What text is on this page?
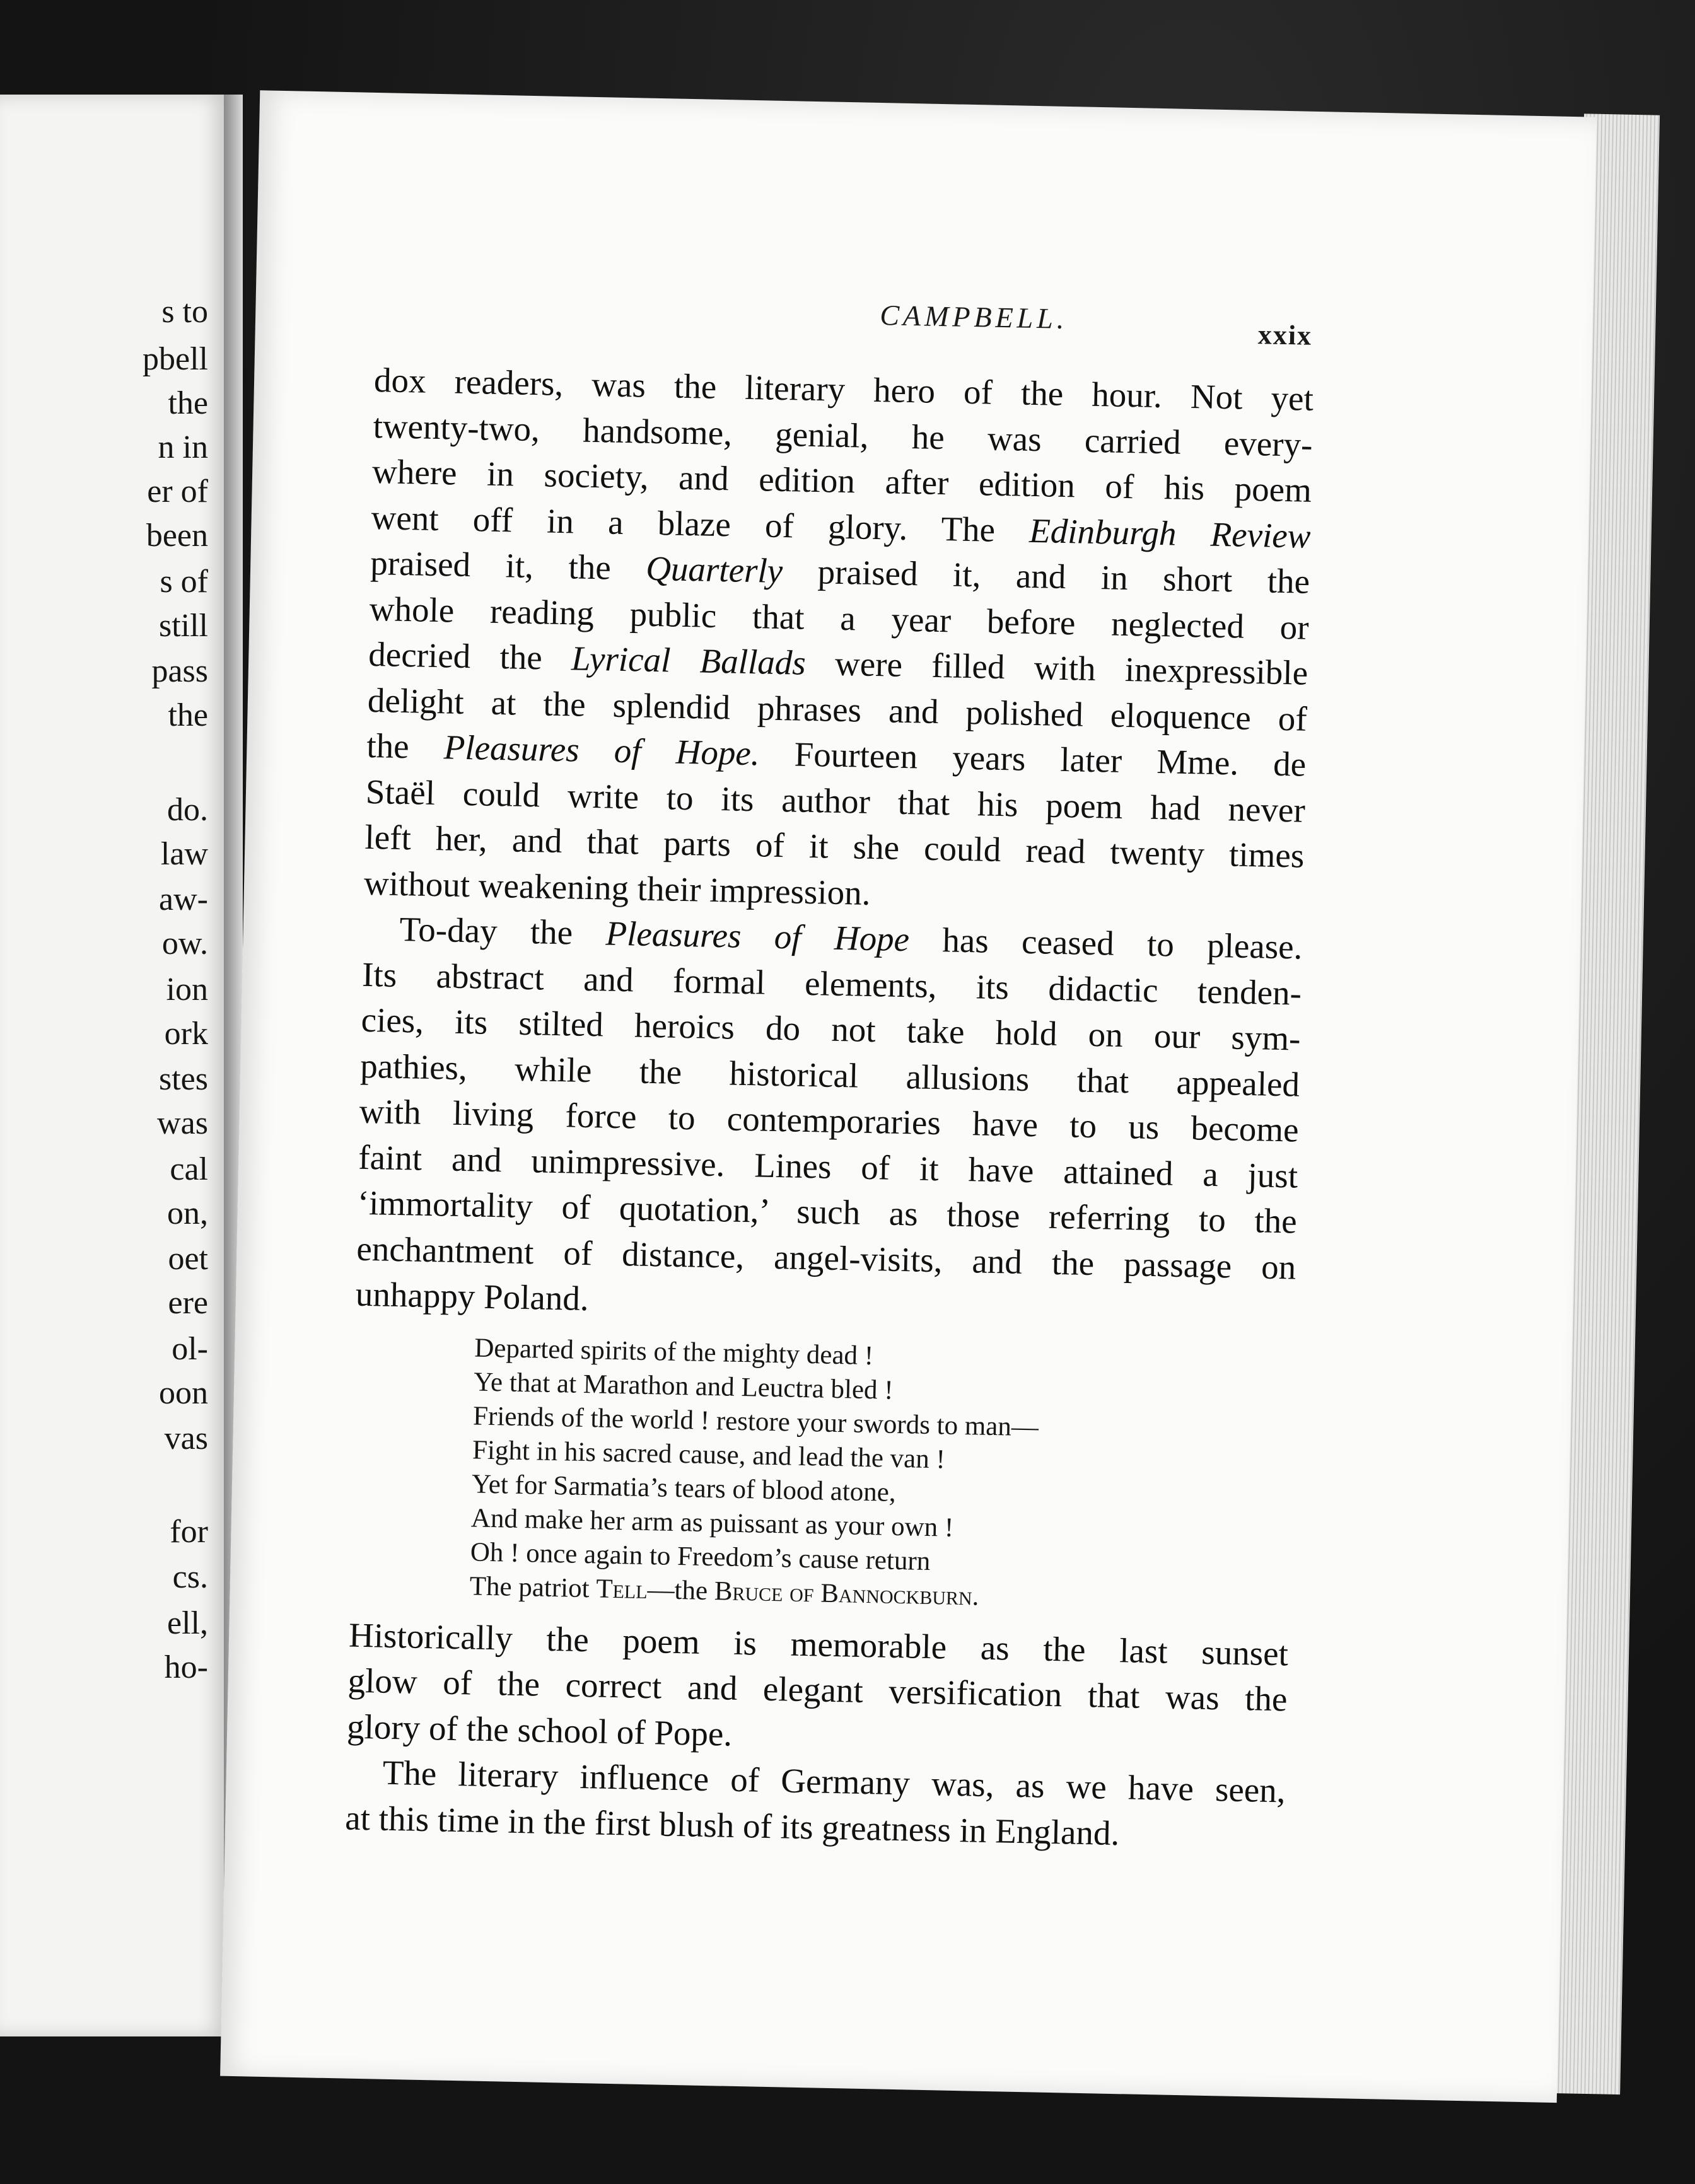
s to
pbell
the
n in
er of
been
s of
still
pass
the
do.
law
aw-
ow.
ion
ork
stes
was
cal
on,
oet
ere
ol-
oon
vas
for
cs.
ell,
ho-
CAMPBELL.
xxix
dox readers, was the literary hero of the hour. Not yet
twenty-two, handsome, genial, he was carried every-
where in society, and edition after edition of his poem
went off in a blaze of glory. The Edinburgh Review
praised it, the Quarterly praised it, and in short the
whole reading public that a year before neglected or
decried the Lyrical Ballads were filled with inexpressible
delight at the splendid phrases and polished eloquence of
the Pleasures of Hope. Fourteen years later Mme. de
Staël could write to its author that his poem had never
left her, and that parts of it she could read twenty times
without weakening their impression.
To-day the Pleasures of Hope has ceased to please.
Its abstract and formal elements, its didactic tenden-
cies, its stilted heroics do not take hold on our sym-
pathies, while the historical allusions that appealed
with living force to contemporaries have to us become
faint and unimpressive. Lines of it have attained a just
‘immortality of quotation,’ such as those referring to the
enchantment of distance, angel-visits, and the passage on
unhappy Poland.
Departed spirits of the mighty dead !
Ye that at Marathon and Leuctra bled !
Friends of the world ! restore your swords to man—
Fight in his sacred cause, and lead the van !
Yet for Sarmatia’s tears of blood atone,
And make her arm as puissant as your own !
Oh ! once again to Freedom’s cause return
The patriot Tell—the Bruce of Bannockburn.
Historically the poem is memorable as the last sunset
glow of the correct and elegant versification that was the
glory of the school of Pope.
The literary influence of Germany was, as we have seen,
at this time in the first blush of its greatness in England.
